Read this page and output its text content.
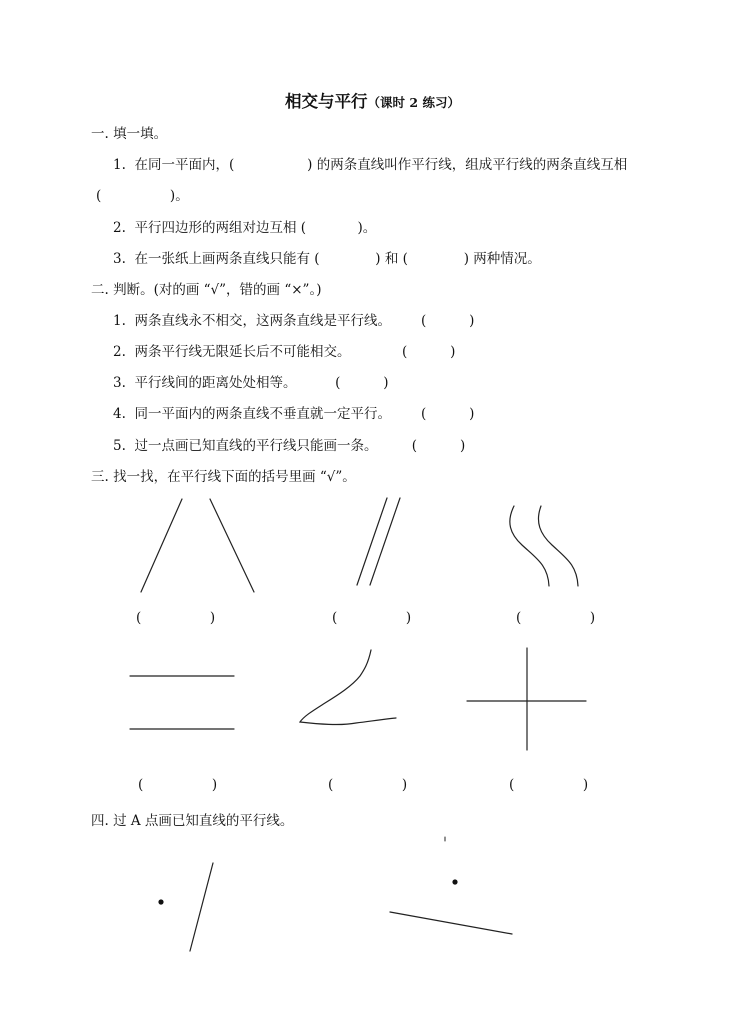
相交与平行（课时 2 练习）
一. 填一填。
1.  在同一平面内，(                 ) 的两条直线叫作平行线，组成平行线的两条直线互相
(                )。
2.  平行四边形的两组对边互相 (            )。
3.  在一张纸上画两条直线只能有 (             ) 和 (             ) 两种情况。
二. 判断。(对的画 “√”，错的画 “×”。)
1.  两条直线永不相交，这两条直线是平行线。       (          )
2.  两条平行线无限延长后不可能相交。            (          )
3.  平行线间的距离处处相等。         (          )
4.  同一平面内的两条直线不垂直就一定平行。       (          )
5.  过一点画已知直线的平行线只能画一条。        (          )
三. 找一找，在平行线下面的括号里画 “√”。
(                )	(                )	(                )
(                )	(                )	(                )
四. 过 A 点画已知直线的平行线。
